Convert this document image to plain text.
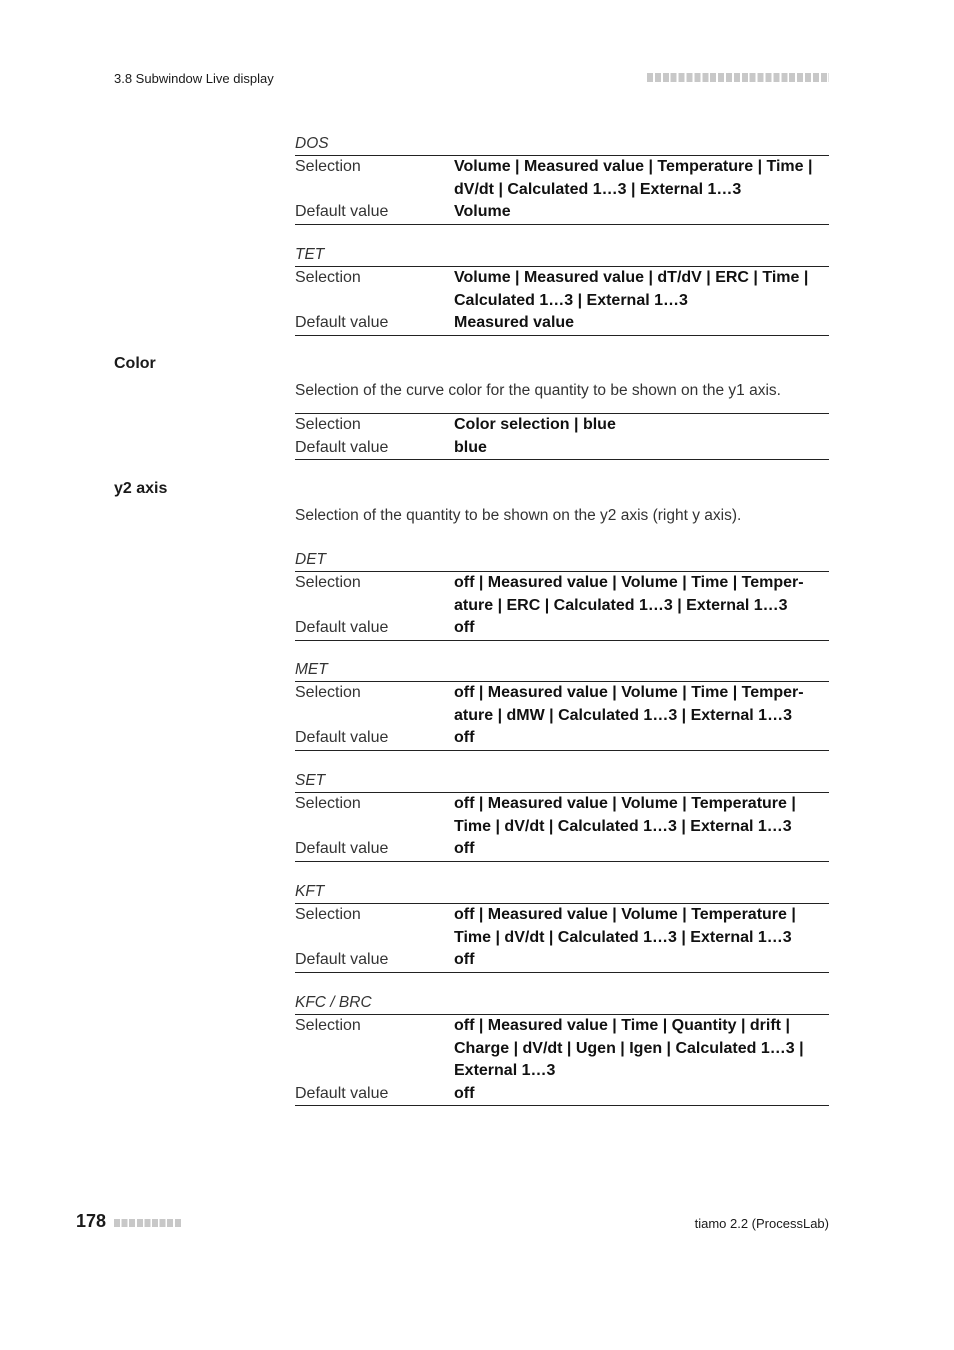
3.8 Subwindow Live display
DOS
Selection	Volume | Measured value | Temperature | Time | dV/dt | Calculated 1…3 | External 1…3
Default value	Volume
TET
Selection	Volume | Measured value | dT/dV | ERC | Time | Calculated 1…3 | External 1…3
Default value	Measured value
Color
Selection of the curve color for the quantity to be shown on the y1 axis.
Selection	Color selection | blue
Default value	blue
y2 axis
Selection of the quantity to be shown on the y2 axis (right y axis).
DET
Selection	off | Measured value | Volume | Time | Temper-ature | ERC | Calculated 1…3 | External 1…3
Default value	off
MET
Selection	off | Measured value | Volume | Time | Temper-ature | dMW | Calculated 1…3 | External 1…3
Default value	off
SET
Selection	off | Measured value | Volume | Temperature | Time | dV/dt | Calculated 1…3 | External 1…3
Default value	off
KFT
Selection	off | Measured value | Volume | Temperature | Time | dV/dt | Calculated 1…3 | External 1…3
Default value	off
KFC / BRC
Selection	off | Measured value | Time | Quantity | drift | Charge | dV/dt | Ugen | Igen | Calculated 1…3 | External 1…3
Default value	off
178	tiamo 2.2 (ProcessLab)
